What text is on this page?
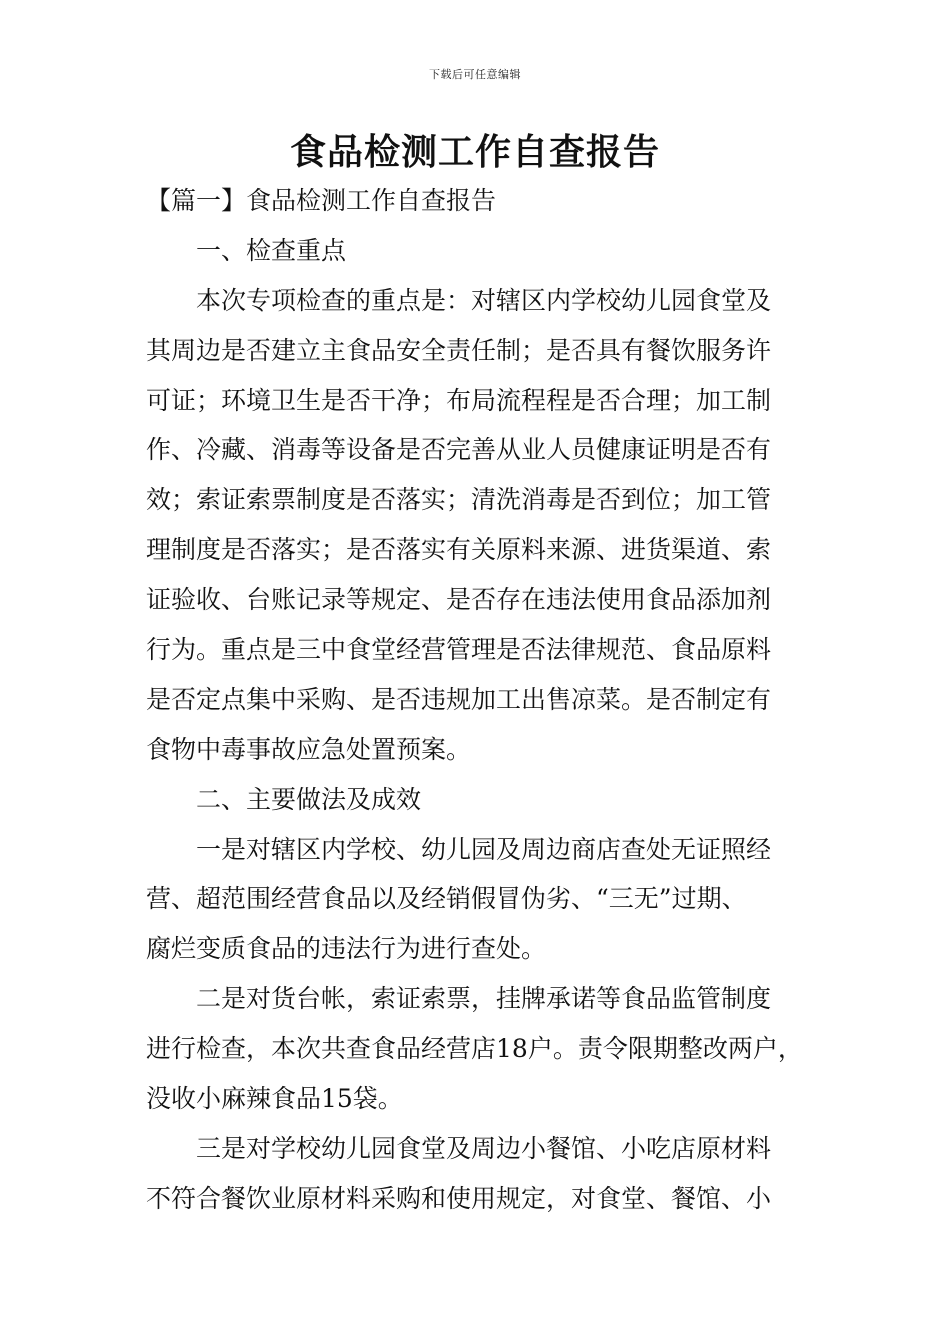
下载后可任意编辑
食品检测工作自查报告
【篇一】食品检测工作自查报告
一、检查重点
本次专项检查的重点是：对辖区内学校幼儿园食堂及
其周边是否建立主食品安全责任制；是否具有餐饮服务许
可证；环境卫生是否干净；布局流程程是否合理；加工制
作、冷藏、消毒等设备是否完善从业人员健康证明是否有
效；索证索票制度是否落实；清洗消毒是否到位；加工管
理制度是否落实；是否落实有关原料来源、进货渠道、索
证验收、台账记录等规定、是否存在违法使用食品添加剂
行为。重点是三中食堂经营管理是否法律规范、食品原料
是否定点集中采购、是否违规加工出售凉菜。是否制定有
食物中毒事故应急处置预案。
二、主要做法及成效
一是对辖区内学校、幼儿园及周边商店查处无证照经
营、超范围经营食品以及经销假冒伪劣、“三无”过期、
腐烂变质食品的违法行为进行查处。
二是对货台帐，索证索票，挂牌承诺等食品监管制度
进行检查，本次共查食品经营店18户。责令限期整改两户，
没收小麻辣食品15袋。
三是对学校幼儿园食堂及周边小餐馆、小吃店原材料
不符合餐饮业原材料采购和使用规定，对食堂、餐馆、小
